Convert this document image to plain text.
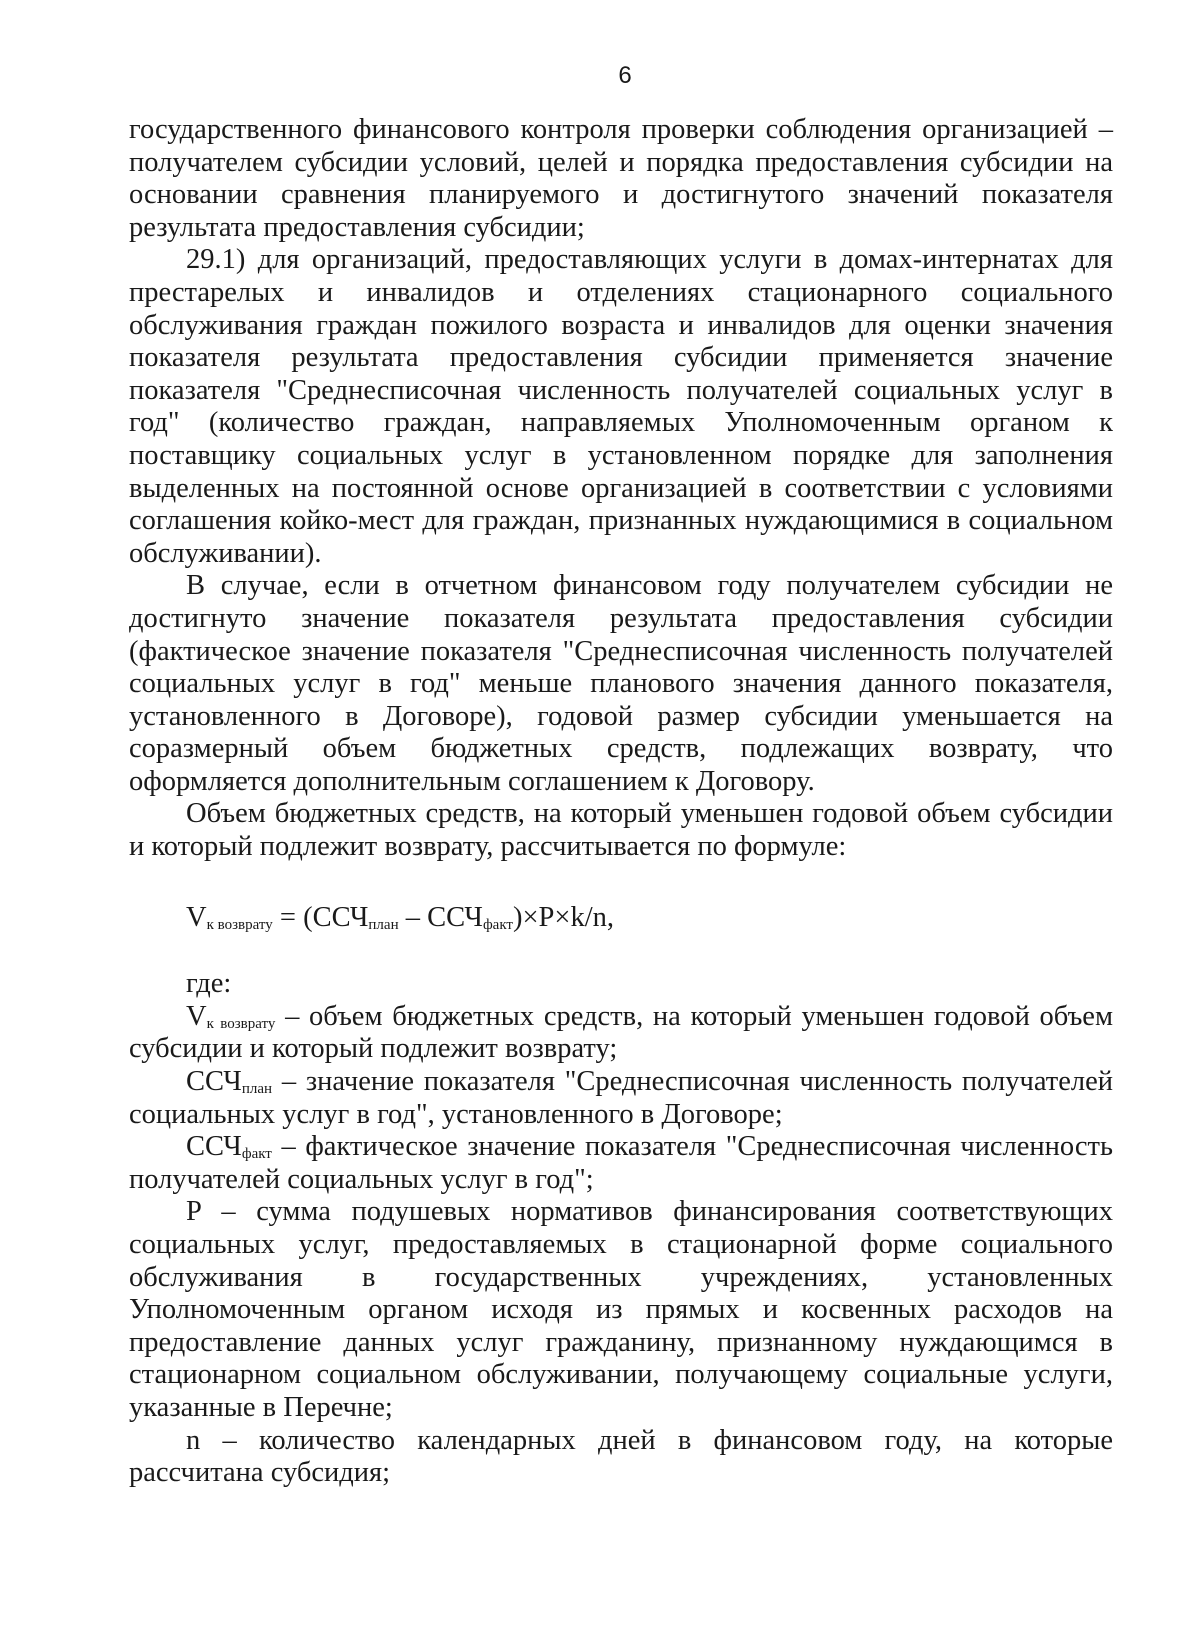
6

государственного финансового контроля проверки соблюдения организацией – получателем субсидии условий, целей и порядка предоставления субсидии на основании сравнения планируемого и достигнутого значений показателя результата предоставления субсидии;

29.1) для организаций, предоставляющих услуги в домах-интернатах для престарелых и инвалидов и отделениях стационарного социального обслуживания граждан пожилого возраста и инвалидов для оценки значения показателя результата предоставления субсидии применяется значение показателя "Среднесписочная численность получателей социальных услуг в год" (количество граждан, направляемых Уполномоченным органом к поставщику социальных услуг в установленном порядке для заполнения выделенных на постоянной основе организацией в соответствии с условиями соглашения койко-мест для граждан, признанных нуждающимися в социальном обслуживании).

В случае, если в отчетном финансовом году получателем субсидии не достигнуто значение показателя результата предоставления субсидии (фактическое значение показателя "Среднесписочная численность получателей социальных услуг в год" меньше планового значения данного показателя, установленного в Договоре), годовой размер субсидии уменьшается на соразмерный объем бюджетных средств, подлежащих возврату, что оформляется дополнительным соглашением к Договору.

Объем бюджетных средств, на который уменьшен годовой объем субсидии и который подлежит возврату, рассчитывается по формуле:

$V_{к возврату} = (ССЧ_{план} - ССЧ_{факт})\times P\times k/n$,

где:

$V_{к возврату}$ – объем бюджетных средств, на который уменьшен годовой объем субсидии и который подлежит возврату;

$ССЧ_{план}$ – значение показателя "Среднесписочная численность получателей социальных услуг в год", установленного в Договоре;

$ССЧ_{факт}$ – фактическое значение показателя "Среднесписочная численность получателей социальных услуг в год";

P – сумма подушевых нормативов финансирования соответствующих социальных услуг, предоставляемых в стационарной форме социального обслуживания в государственных учреждениях, установленных Уполномоченным органом исходя из прямых и косвенных расходов на предоставление данных услуг гражданину, признанному нуждающимся в стационарном социальном обслуживании, получающему социальные услуги, указанные в Перечне;

n – количество календарных дней в финансовом году, на которые рассчитана субсидия;
